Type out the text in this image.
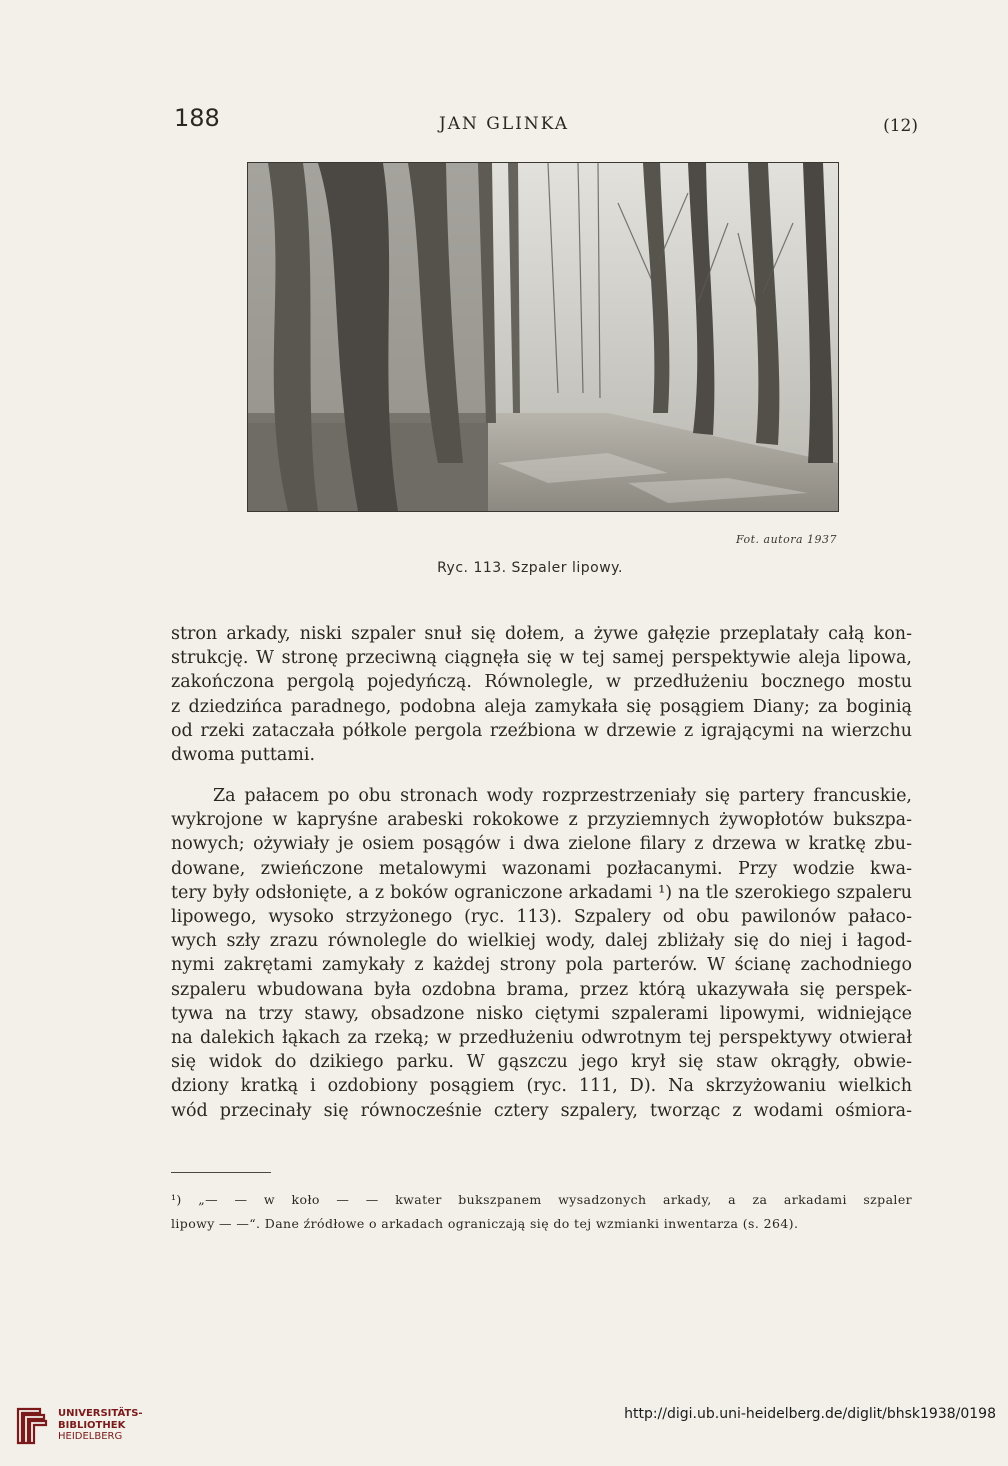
188	JAN GLINKA	(12)
Fot. autora 1937
Ryc. 113. Szpaler lipowy.
stron arkady, niski szpaler snuł się dołem, a żywe gałęzie przeplatały całą kon-
strukcję. W stronę przeciwną ciągnęła się w tej samej perspektywie aleja lipowa,
zakończona pergolą pojedyńczą. Równolegle, w przedłużeniu bocznego mostu
z dziedzińca paradnego, podobna aleja zamykała się posągiem Diany; za boginią
od rzeki zataczała półkole pergola rzeźbiona w drzewie z igrającymi na wierzchu
dwoma puttami.
Za pałacem po obu stronach wody rozprzestrzeniały się partery francuskie,
wykrojone w kapryśne arabeski rokokowe z przyziemnych żywopłotów bukszpa-
nowych; ożywiały je osiem posągów i dwa zielone filary z drzewa w kratkę zbu-
dowane, zwieńczone metalowymi wazonami pozłacanymi. Przy wodzie kwa-
tery były odsłonięte, a z boków ograniczone arkadami ¹) na tle szerokiego szpaleru
lipowego, wysoko strzyżonego (ryc. 113). Szpalery od obu pawilonów pałaco-
wych szły zrazu równolegle do wielkiej wody, dalej zbliżały się do niej i łagod-
nymi zakrętami zamykały z każdej strony pola parterów. W ścianę zachodniego
szpaleru wbudowana była ozdobna brama, przez którą ukazywała się perspek-
tywa na trzy stawy, obsadzone nisko ciętymi szpalerami lipowymi, widniejące
na dalekich łąkach za rzeką; w przedłużeniu odwrotnym tej perspektywy otwierał
się widok do dzikiego parku. W gąszczu jego krył się staw okrągły, obwie-
dziony kratką i ozdobiony posągiem (ryc. 111, D). Na skrzyżowaniu wielkich
wód przecinały się równocześnie cztery szpalery, tworząc z wodami ośmiora-
¹) „— — w koło — — kwater bukszpanem wysadzonych arkady, a za arkadami szpaler
lipowy — —“. Dane źródłowe o arkadach ograniczają się do tej wzmianki inwentarza (s. 264).
UNIVERSITÄTS-
BIBLIOTHEK
HEIDELBERG
http://digi.ub.uni-heidelberg.de/diglit/bhsk1938/0198
